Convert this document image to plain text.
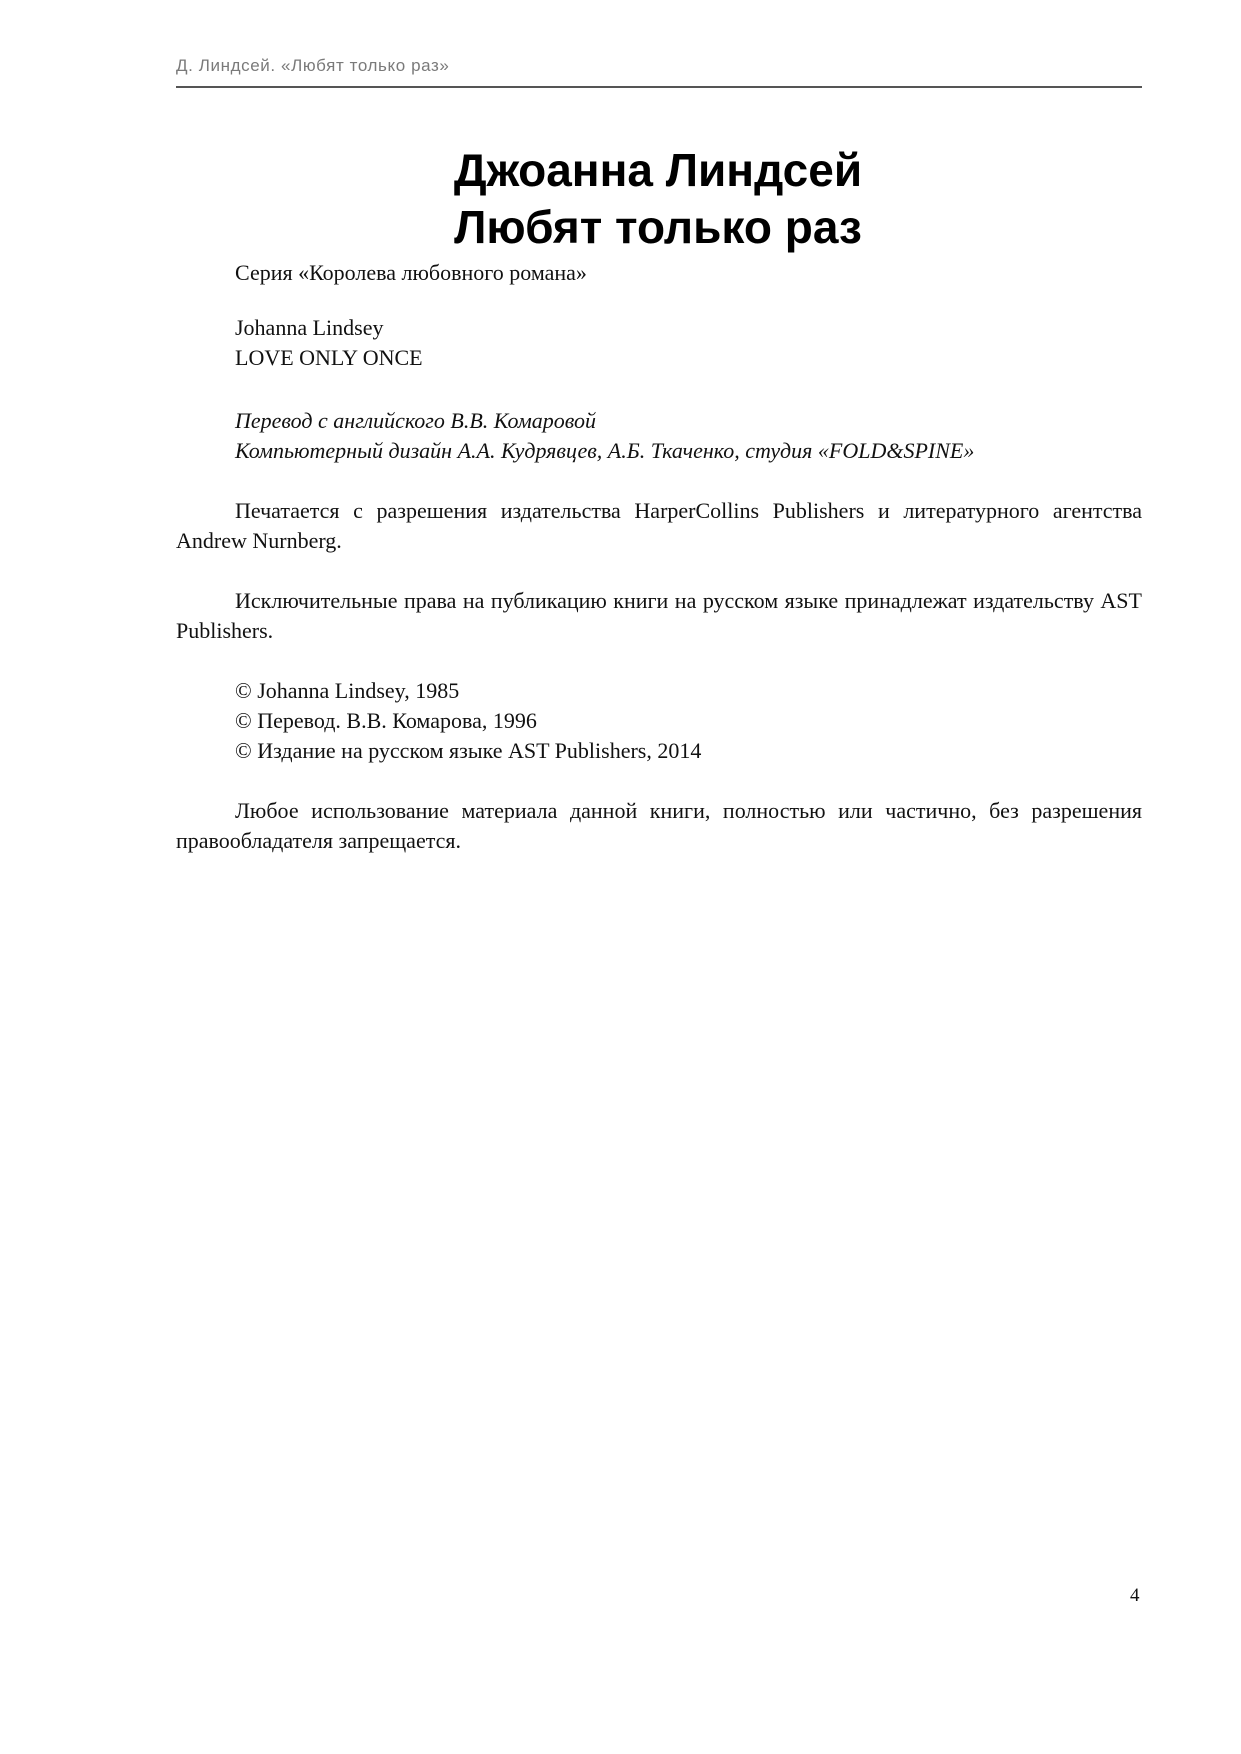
Д. Линдсей. «Любят только раз»
Джоанна Линдсей
Любят только раз
Серия «Королева любовного романа»
Johanna Lindsey
LOVE ONLY ONCE
Перевод с английского В.В. Комаровой
Компьютерный дизайн А.А. Кудрявцев, А.Б. Ткаченко, студия «FOLD&SPINE»

Печатается с разрешения издательства HarperCollins Publishers и литературного агентства Andrew Nurnberg.

Исключительные права на публикацию книги на русском языке принадлежат издательству AST Publishers.

© Johanna Lindsey, 1985
© Перевод. В.В. Комарова, 1996
© Издание на русском языке AST Publishers, 2014

Любое использование материала данной книги, полностью или частично, без разрешения правообладателя запрещается.

4
